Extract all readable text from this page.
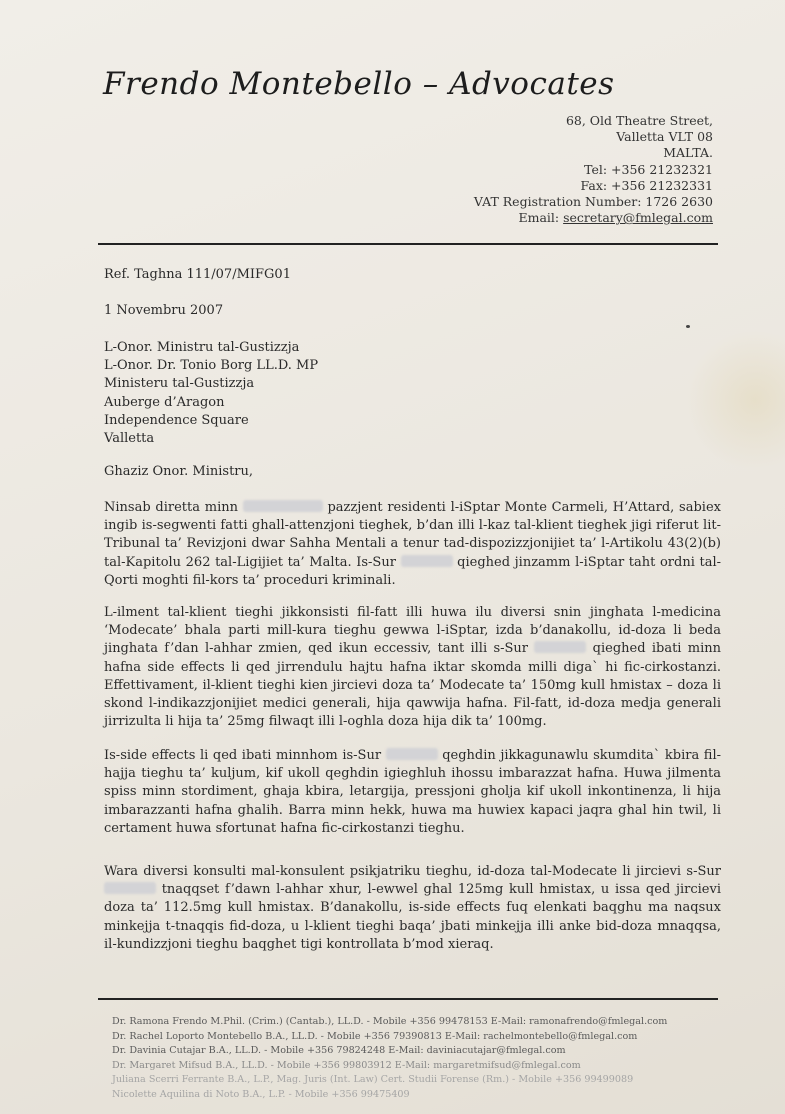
Frendo Montebello – Advocates
68, Old Theatre Street,
Valletta VLT 08
MALTA.
Tel: +356 21232321
Fax: +356 21232331
VAT Registration Number: 1726 2630
Email: secretary@fmlegal.com
Ref. Taghna 111/07/MIFG01
1 Novembru 2007
L-Onor. Ministru tal-Gustizzja
L-Onor. Dr. Tonio Borg LL.D. MP
Ministeru tal-Gustizzja
Auberge d’Aragon
Independence Square
Valletta
Ghaziz Onor. Ministru,
Ninsab diretta minn	pazzjent residenti l-iSptar Monte Carmeli, H’Attard, sabiex ingib is-segwenti fatti ghall-attenzjoni tieghek, b’dan illi l-kaz tal-klient tieghek jigi riferut lit-Tribunal ta’ Revizjoni dwar Sahha Mentali a tenur tad-dispozizzjonijiet ta’ l-Artikolu 43(2)(b) tal-Kapitolu 262 tal-Ligijiet ta’ Malta. Is-Sur	qieghed jinzamm l-iSptar taht ordni tal-Qorti moghti fil-kors ta’ proceduri kriminali.
L-ilment tal-klient tieghi jikkonsisti fil-fatt illi huwa ilu diversi snin jinghata l-medicina ‘Modecate’ bhala parti mill-kura tieghu gewwa l-iSptar, izda b’danakollu, id-doza li beda jinghata f’dan l-ahhar zmien, qed ikun eccessiv, tant illi s-Sur	qieghed ibati minn hafna side effects li qed jirrendulu hajtu hafna iktar skomda milli diga` hi fic-cirkostanzi. Effettivament, il-klient tieghi kien jircievi doza ta’ Modecate ta’ 150mg kull hmistax – doza li skond l-indikazzjonijiet medici generali, hija qawwija hafna. Fil-fatt, id-doza medja generali jirrizulta li hija ta’ 25mg filwaqt illi l-oghla doza hija dik ta’ 100mg.
Is-side effects li qed ibati minnhom is-Sur	qeghdin jikkagunawlu skumdita` kbira fil-hajja tieghu ta’ kuljum, kif ukoll qeghdin igieghluh ihossu imbarazzat hafna. Huwa jilmenta spiss minn stordiment, ghaja kbira, letargija, pressjoni gholja kif ukoll inkontinenza, li hija imbarazzanti hafna ghalih. Barra minn hekk, huwa ma huwiex kapaci jaqra ghal hin twil, li certament huwa sfortunat hafna fic-cirkostanzi tieghu.
Wara diversi konsulti mal-konsulent psikjatriku tieghu, id-doza tal-Modecate li jircievi s-Sur  tnaqqset f’dawn l-ahhar xhur, l-ewwel ghal 125mg kull hmistax, u issa qed jircievi doza ta’ 112.5mg kull hmistax. B’danakollu, is-side effects fuq elenkati baqghu ma naqsux minkejja t-tnaqqis fid-doza, u l-klient tieghi baqa’ jbati minkejja illi anke bid-doza mnaqqsa, il-kundizzjoni tieghu baqghet tigi kontrollata b’mod xieraq.
Dr. Ramona Frendo M.Phil. (Crim.) (Cantab.), LL.D. - Mobile +356 99478153 E-Mail: ramonafrendo@fmlegal.com
Dr. Rachel Loporto Montebello B.A., LL.D. - Mobile +356 79390813 E-Mail: rachelmontebello@fmlegal.com
Dr. Davinia Cutajar B.A., LL.D. - Mobile +356 79824248 E-Mail: daviniacutajar@fmlegal.com
Dr. Margaret Mifsud B.A., LL.D. - Mobile +356 99803912 E-Mail: margaretmifsud@fmlegal.com
Juliana Scerri Ferrante B.A., L.P., Mag. Juris (Int. Law) Cert. Studii Forense (Rm.) - Mobile +356 99499089
Nicolette Aquilina di Noto B.A., L.P. - Mobile +356 99475409
